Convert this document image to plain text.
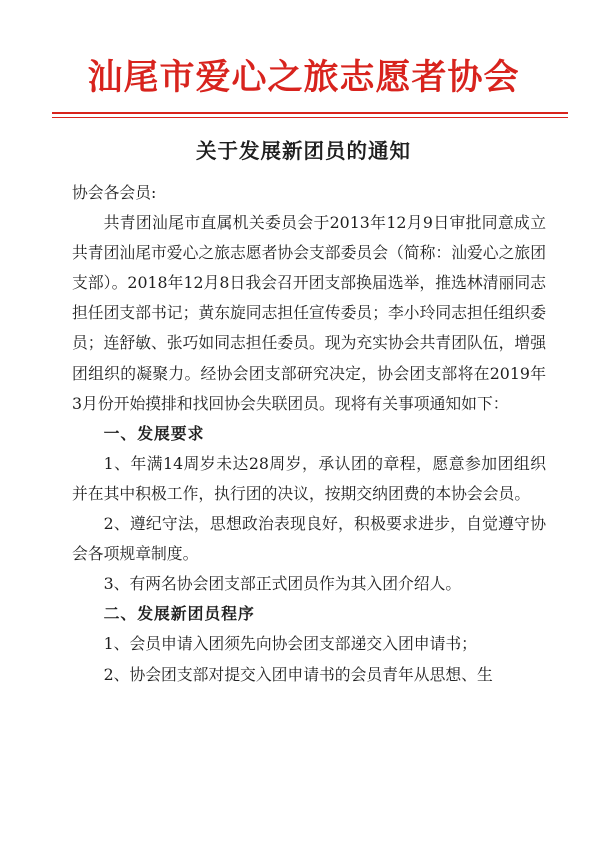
汕尾市爱心之旅志愿者协会
关于发展新团员的通知

协会各会员:

共青团汕尾市直属机关委员会于2013年12月9日审批同意成立共青团汕尾市爱心之旅志愿者协会支部委员会（简称：汕爱心之旅团支部）。2018年12月8日我会召开团支部换届选举，推选林清丽同志担任团支部书记；黄东旋同志担任宣传委员；李小玲同志担任组织委员；连舒敏、张巧如同志担任委员。现为充实协会共青团队伍，增强团组织的凝聚力。经协会团支部研究决定，协会团支部将在2019年3月份开始摸排和找回协会失联团员。现将有关事项通知如下：

一、发展要求

1、年满14周岁未达28周岁，承认团的章程，愿意参加团组织并在其中积极工作，执行团的决议，按期交纳团费的本协会会员。

2、遵纪守法，思想政治表现良好，积极要求进步，自觉遵守协会各项规章制度。

3、有两名协会团支部正式团员作为其入团介绍人。

二、发展新团员程序

1、会员申请入团须先向协会团支部递交入团申请书；

2、协会团支部对提交入团申请书的会员青年从思想、生
